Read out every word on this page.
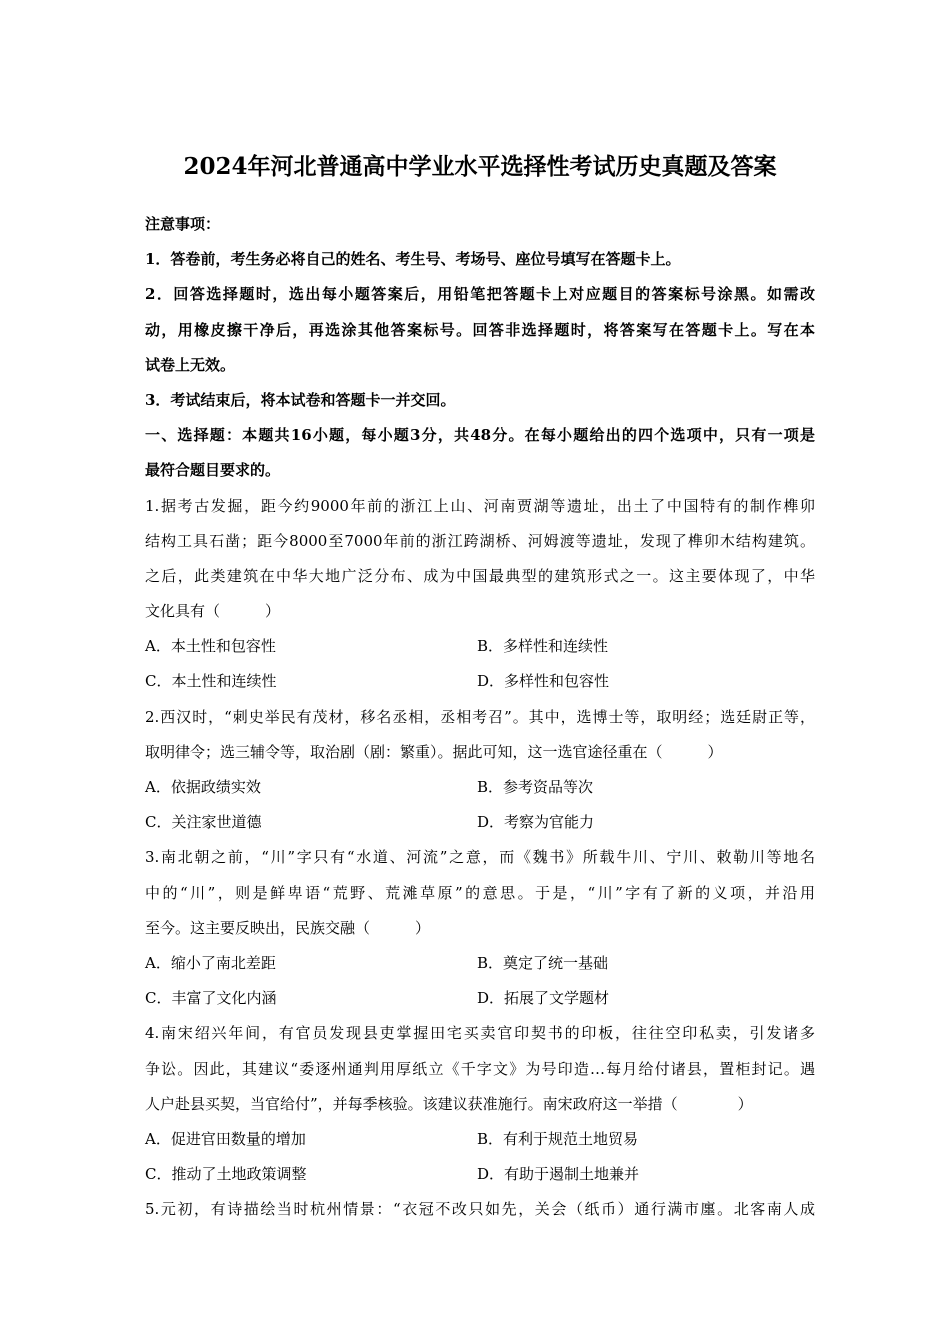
2024年河北普通高中学业水平选择性考试历史真题及答案
注意事项：
1．答卷前，考生务必将自己的姓名、考生号、考场号、座位号填写在答题卡上。
2．回答选择题时，选出每小题答案后，用铅笔把答题卡上对应题目的答案标号涂黑。如需改
动，用橡皮擦干净后，再选涂其他答案标号。回答非选择题时，将答案写在答题卡上。写在本
试卷上无效。
3．考试结束后，将本试卷和答题卡一并交回。
一、选择题：本题共16小题，每小题3分，共48分。在每小题给出的四个选项中，只有一项是
最符合题目要求的。
1.据考古发掘，距今约9000年前的浙江上山、河南贾湖等遗址，出土了中国特有的制作榫卯
结构工具石凿；距今8000至7000年前的浙江跨湖桥、河姆渡等遗址，发现了榫卯木结构建筑。
之后，此类建筑在中华大地广泛分布、成为中国最典型的建筑形式之一。这主要体现了，中华
文化具有（　　　）
A．本土性和包容性	B．多样性和连续性
C．本土性和连续性	D．多样性和包容性
2.西汉时，“刺史举民有茂材，移名丞相，丞相考召”。其中，选博士等，取明经；选廷尉正等，
取明律令；选三辅令等，取治剧（剧：繁重）。据此可知，这一选官途径重在（　　　）
A．依据政绩实效	B．参考资品等次
C．关注家世道德	D．考察为官能力
3.南北朝之前，“川”字只有“水道、河流”之意，而《魏书》所载牛川、宁川、敕勒川等地名
中的“川”，则是鲜卑语“荒野、荒滩草原”的意思。于是，“川”字有了新的义项，并沿用
至今。这主要反映出，民族交融（　　　）
A．缩小了南北差距	B．奠定了统一基础
C．丰富了文化内涵	D．拓展了文学题材
4.南宋绍兴年间，有官员发现县吏掌握田宅买卖官印契书的印板，往往空印私卖，引发诸多
争讼。因此，其建议“委逐州通判用厚纸立《千字文》为号印造…每月给付诸县，置柜封记。遇
人户赴县买契，当官给付”，并每季核验。该建议获准施行。南宋政府这一举措（　　　　）
A．促进官田数量的增加	B．有利于规范土地贸易
C．推动了土地政策调整	D．有助于遏制土地兼并
5.元初，有诗描绘当时杭州情景：“衣冠不改只如先，关会（纸币）通行满市廛。北客南人成
